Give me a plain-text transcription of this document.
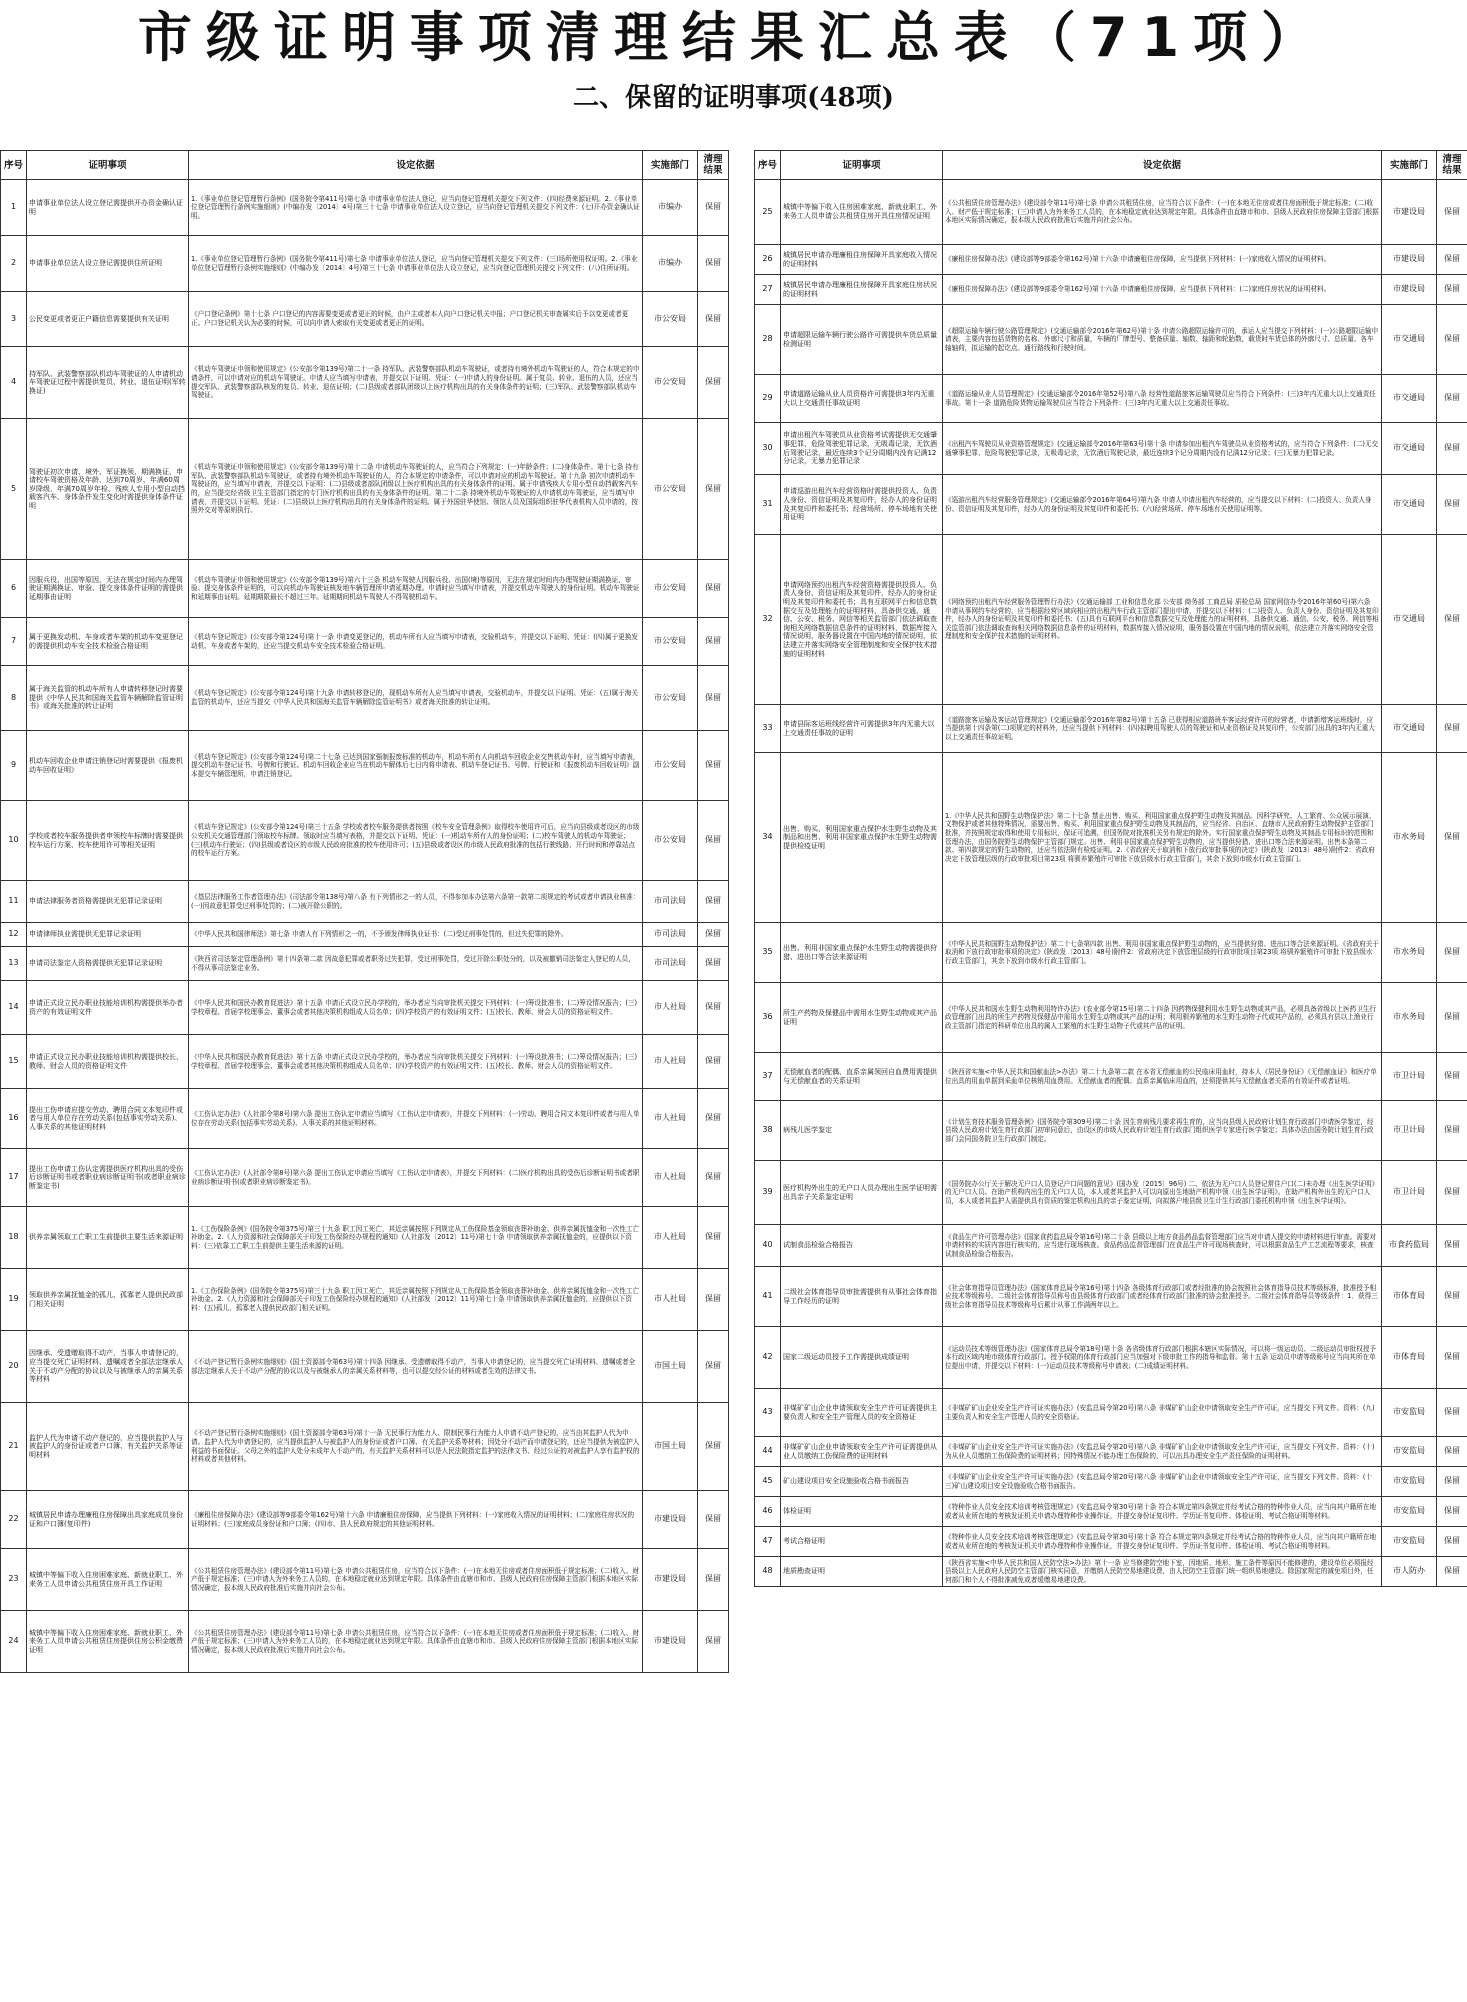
市级证明事项清理结果汇总表（71项）
二、保留的证明事项(48项)
序号	证明事项	设定依据	实施部门	清理结果
1	申请事业单位法人设立登记需提供开办资金确认证明	1.《事业单位登记管理暂行条例》(国务院令第411号)第七条 申请事业单位法人登记，应当向登记管理机关提交下列文件：(四)经费来源证明。2.《事业单位登记管理暂行条例实施细则》(中编办发〔2014〕4号)第三十七条 申请事业单位法人设立登记，应当向登记管理机关提交下列文件：(七)开办资金确认证明。	市编办	保留
2	申请事业单位法人设立登记需提供住所证明	1.《事业单位登记管理暂行条例》(国务院令第411号)第七条 申请事业单位法人登记，应当向登记管理机关提交下列文件：(三)场所使用权证明。2.《事业单位登记管理暂行条例实施细则》(中编办发〔2014〕4号)第三十七条 申请事业单位法人设立登记，应当向登记管理机关提交下列文件：(八)住所证明。	市编办	保留
3	公民变更或者更正户籍信息需要提供有关证明	《户口登记条例》第十七条 户口登记的内容需要变更或者更正的时候，由户主或者本人向户口登记机关申报；户口登记机关审查属实后予以变更或者更正。户口登记机关认为必要的时候，可以向申请人索取有关变更或者更正的证明。	市公安局	保留
4	持军队、武装警察部队机动车驾驶证的人申请机动车驾驶证过程中需提供复员、转业、退伍证明(军转换证)	《机动车驾驶证申领和使用规定》(公安部令第139号)第二十一条 持军队、武装警察部队机动车驾驶证，或者持有境外机动车驾驶证的人，符合本规定的申请条件，可以申请对应的机动车驾驶证。申请人应当填写申请表，并提交以下证明、凭证：(一)申请人的身份证明。属于复员、转业、退伍的人员，还应当提交军队、武装警察部队核发的复员、转业、退伍证明；(二)县级或者部队团级以上医疗机构出具的有关身体条件的证明；(三)军队、武装警察部队机动车驾驶证。	市公安局	保留
5	驾驶证初次申请、境外、军证换领、期满换证、申请校车驾驶资格及年龄、达到70周岁、年满60周岁降级、年满70周岁年检、残疾人专用小型自动挡载客汽车、身体条件发生变化时需提供身体条件证明	《机动车驾驶证申领和使用规定》(公安部令第139号)第十二条 申请机动车驾驶证的人，应当符合下列规定：(一)年龄条件；(二)身体条件。第十七条 持有军队、武装警察部队机动车驾驶证，或者持有境外机动车驾驶证的人，符合本规定的申请条件，可以申请对应的机动车驾驶证。第十九条 初次申请机动车驾驶证的，应当填写申请表，并提交以下证明：(二)县级或者部队团级以上医疗机构出具的有关身体条件的证明。属于申请残疾人专用小型自动挡载客汽车的，应当提交经省级卫生主管部门指定的专门医疗机构出具的有关身体条件的证明。第二十二条 持境外机动车驾驶证的人申请机动车驾驶证，应当填写申请表，并提交以下证明、凭证：(二)县级以上医疗机构出具的有关身体条件的证明。属于外国驻华使馆、领馆人员及国际组织驻华代表机构人员申请的，按照外交对等原则执行。	市公安局	保留
6	因服兵役、出国等原因，无法在规定时间内办理驾驶证期满换证、审验、提交身体条件证明的需提供延期事由证明	《机动车驾驶证申领和使用规定》(公安部令第139号)第六十三条 机动车驾驶人因服兵役、出国(境)等原因，无法在规定时间内办理驾驶证期满换证、审验、提交身体条件证明的，可以向机动车驾驶证核发地车辆管理所申请延期办理。申请时应当填写申请表，并提交机动车驾驶人的身份证明、机动车驾驶证和延期事由证明。延期期限最长不超过三年。延期期间机动车驾驶人不得驾驶机动车。	市公安局	保留
7	属于更换发动机、车身或者车架的机动车变更登记的需提供机动车安全技术检验合格证明	《机动车登记规定》(公安部令第124号)第十一条 申请变更登记的，机动车所有人应当填写申请表，交验机动车，并提交以下证明、凭证：(四)属于更换发动机、车身或者车架的，还应当提交机动车安全技术检验合格证明。	市公安局	保留
8	属于海关监管的机动车所有人申请转移登记时需要提供《中华人民共和国海关监管车辆解除监管证明书》或海关批准的转让证明	《机动车登记规定》(公安部令第124号)第十九条 申请转移登记的，现机动车所有人应当填写申请表，交验机动车，并提交以下证明、凭证：(五)属于海关监管的机动车，还应当提交《中华人民共和国海关监管车辆解除监管证明书》或者海关批准的转让证明。	市公安局	保留
9	机动车回收企业申请注销登记时需要提供《报废机动车回收证明》	《机动车登记规定》(公安部令第124号)第二十七条 已达到国家强制报废标准的机动车，机动车所有人向机动车回收企业交售机动车时，应当填写申请表，提交机动车登记证书、号牌和行驶证。机动车回收企业应当在机动车解体后七日内将申请表、机动车登记证书、号牌、行驶证和《报废机动车回收证明》副本提交车辆管理所，申请注销登记。	市公安局	保留
10	学校或者校车服务提供者申领校车标牌时需要提供校车运行方案、校车使用许可等相关证明	《机动车登记规定》(公安部令第124号)第三十五条 学校或者校车服务提供者按照《校车安全管理条例》取得校车使用许可后，应当向县级或者设区的市级公安机关交通管理部门领取校车标牌。领取时应当填写表格，并提交以下证明、凭证：(一)机动车所有人的身份证明；(二)校车驾驶人的机动车驾驶证；(三)机动车行驶证；(四)县级或者设区的市级人民政府批准的校车使用许可；(五)县级或者设区的市级人民政府批准的包括行驶线路、开行时间和停靠站点的校车运行方案。	市公安局	保留
11	申请法律服务者资格需提供无犯罪记录证明	《基层法律服务工作者管理办法》(司法部令第138号)第八条 有下列情形之一的人员，不得参加本办法第六条第一款第二项规定的考试或者申请执业核准：(一)因故意犯罪受过刑事处罚的；(二)被开除公职的。	市司法局	保留
12	申请律师执业需提供无犯罪记录证明	《中华人民共和国律师法》第七条 申请人有下列情形之一的，不予颁发律师执业证书：(二)受过刑事处罚的，但过失犯罪的除外。	市司法局	保留
13	申请司法鉴定人资格需提供无犯罪记录证明	《陕西省司法鉴定管理条例》第十四条第二款 因故意犯罪或者职务过失犯罪，受过刑事处罚，受过开除公职处分的，以及被撤销司法鉴定人登记的人员，不得从事司法鉴定业务。	市司法局	保留
14	申请正式设立民办职业技能培训机构需提供举办者资产的有效证明文件	《中华人民共和国民办教育促进法》第十五条 申请正式设立民办学校的，举办者应当向审批机关提交下列材料：(一)筹设批准书；(二)筹设情况报告；(三)学校章程、首届学校理事会、董事会或者其他决策机构组成人员名单；(四)学校资产的有效证明文件；(五)校长、教师、财会人员的资格证明文件。	市人社局	保留
15	申请正式设立民办职业技能培训机构需提供校长、教师、财会人员的资格证明文件	《中华人民共和国民办教育促进法》第十五条 申请正式设立民办学校的，举办者应当向审批机关提交下列材料：(一)筹设批准书；(二)筹设情况报告；(三)学校章程、首届学校理事会、董事会或者其他决策机构组成人员名单；(四)学校资产的有效证明文件；(五)校长、教师、财会人员的资格证明文件。	市人社局	保留
16	提出工伤申请应提交劳动、聘用合同文本复印件或者与用人单位存在劳动关系(包括事实劳动关系)、人事关系的其他证明材料	《工伤认定办法》(人社部令第8号)第六条 提出工伤认定申请应当填写《工伤认定申请表》，并提交下列材料：(一)劳动、聘用合同文本复印件或者与用人单位存在劳动关系(包括事实劳动关系)、人事关系的其他证明材料。	市人社局	保留
17	提出工伤申请工伤认定需提供医疗机构出具的受伤后诊断证明书或者职业病诊断证明书(或者职业病诊断鉴定书)	《工伤认定办法》(人社部令第8号)第六条 提出工伤认定申请应当填写《工伤认定申请表》，并提交下列材料：(二)医疗机构出具的受伤后诊断证明书或者职业病诊断证明书(或者职业病诊断鉴定书)。	市人社局	保留
18	供养亲属领取工亡职工生前提供主要生活来源证明	1.《工伤保险条例》(国务院令第375号)第三十九条 职工因工死亡，其近亲属按照下列规定从工伤保险基金领取丧葬补助金、供养亲属抚恤金和一次性工亡补助金。2.《人力资源和社会保障部关于印发工伤保险经办规程的通知》(人社部发〔2012〕11号)第七十条 申请领取供养亲属抚恤金的，应提供以下资料：(三)依靠工亡职工生前提供主要生活来源的证明。	市人社局	保留
19	领取供养亲属抚恤金的孤儿、孤寡老人提供民政部门相关证明	1.《工伤保险条例》(国务院令第375号)第三十九条 职工因工死亡，其近亲属按照下列规定从工伤保险基金领取丧葬补助金、供养亲属抚恤金和一次性工亡补助金。2.《人力资源和社会保障部关于印发工伤保险经办规程的通知》(人社部发〔2012〕11号)第七十条 申请领取供养亲属抚恤金的，应提供以下资料：(五)孤儿、孤寡老人提供民政部门相关证明。	市人社局	保留
20	因继承、受遗赠取得不动产，当事人申请登记的，应当提交死亡证明材料、遗嘱或者全部法定继承人关于不动产分配的协议以及与被继承人的亲属关系等材料	《不动产登记暂行条例实施细则》(国土资源部令第63号)第十四条 因继承、受遗赠取得不动产，当事人申请登记的，应当提交死亡证明材料、遗嘱或者全部法定继承人关于不动产分配的协议以及与被继承人的亲属关系材料等，也可以提交经公证的材料或者生效的法律文书。	市国土局	保留
21	监护人代为申请不动产登记的，应当提供监护人与被监护人的身份证或者户口簿、有关监护关系等证明材料	《不动产登记暂行条例实施细则》(国土资源部令第63号)第十一条 无民事行为能力人、限制民事行为能力人申请不动产登记的，应当由其监护人代为申请。监护人代为申请登记的，应当提供监护人与被监护人的身份证或者户口簿、有关监护关系等材料；因处分不动产而申请登记的，还应当提供为被监护人利益的书面保证。父母之外的监护人处分未成年人不动产的，有关监护关系材料可以是人民法院指定监护的法律文书、经过公证的对被监护人享有监护权的材料或者其他材料。	市国土局	保留
22	城镇居民申请办理廉租住房保障出具家庭成员身份证和户口簿(复印件)	《廉租住房保障办法》(建设部等9部委令第162号)第十六条 申请廉租住房保障，应当提供下列材料：(一)家庭收入情况的证明材料；(二)家庭住房状况的证明材料；(三)家庭成员身份证和户口簿；(四)市、县人民政府规定的其他证明材料。	市建设局	保留
23	城镇中等偏下收入住房困难家庭、新就业职工、外来务工人员申请公共租赁住房开具工作证明	《公共租赁住房管理办法》(建设部令第11号)第七条 申请公共租赁住房，应当符合以下条件：(一)在本地无住房或者住房面积低于规定标准；(二)收入、财产低于规定标准；(三)申请人为外来务工人员的，在本地稳定就业达到规定年限。具体条件由直辖市和市、县级人民政府住房保障主管部门根据本地区实际情况确定，报本级人民政府批准后实施并向社会公布。	市建设局	保留
24	城镇中等偏下收入住房困难家庭、新就业职工、外来务工人员申请公共租赁住房提供住房公积金缴费证明	《公共租赁住房管理办法》(建设部令第11号)第七条 申请公共租赁住房，应当符合以下条件：(一)在本地无住房或者住房面积低于规定标准；(二)收入、财产低于规定标准；(三)申请人为外来务工人员的，在本地稳定就业达到规定年限。具体条件由直辖市和市、县级人民政府住房保障主管部门根据本地区实际情况确定，报本级人民政府批准后实施并向社会公布。	市建设局	保留
序号	证明事项	设定依据	实施部门	清理结果
25	城镇中等偏下收入住房困难家庭、新就业职工、外来务工人员申请公共租赁住房开具住房情况证明	《公共租赁住房管理办法》(建设部令第11号)第七条 申请公共租赁住房，应当符合以下条件：(一)在本地无住房或者住房面积低于规定标准；(二)收入、财产低于规定标准；(三)申请人为外来务工人员的，在本地稳定就业达到规定年限。具体条件由直辖市和市、县级人民政府住房保障主管部门根据本地区实际情况确定，报本级人民政府批准后实施并向社会公布。	市建设局	保留
26	城镇居民申请办理廉租住房保障开具家庭收入情况的证明材料	《廉租住房保障办法》(建设部等9部委令第162号)第十六条 申请廉租住房保障，应当提供下列材料：(一)家庭收入情况的证明材料。	市建设局	保留
27	城镇居民申请办理廉租住房保障开具家庭住房状况的证明材料	《廉租住房保障办法》(建设部等9部委令第162号)第十六条 申请廉租住房保障，应当提供下列材料：(二)家庭住房状况的证明材料。	市建设局	保留
28	申请超限运输车辆行驶公路许可需提供车货总质量检测证明	《超限运输车辆行驶公路管理规定》(交通运输部令2016年第62号)第十条 申请公路超限运输许可的，承运人应当提交下列材料：(一)公路超限运输申请表，主要内容包括货物的名称、外廓尺寸和质量，车辆的厂牌型号、整备质量、轴数、轴距和轮胎数，载货时车货总体的外廓尺寸、总质量、各车轴轴荷，拟运输的起讫点、通行路线和行驶时间。	市交通局	保留
29	申请道路运输从业人员资格许可需提供3年内无重大以上交通责任事故证明	《道路运输从业人员管理规定》(交通运输部令2016年第52号)第八条 经营性道路旅客运输驾驶员应当符合下列条件：(三)3年内无重大以上交通责任事故。第十一条 道路危险货物运输驾驶员应当符合下列条件：(三)3年内无重大以上交通责任事故。	市交通局	保留
30	申请出租汽车驾驶员从业资格考试需提供无交通肇事犯罪、危险驾驶犯罪记录，无吸毒记录，无饮酒后驾驶记录，最近连续3个记分周期内没有记满12分记录，无暴力犯罪记录	《出租汽车驾驶员从业资格管理规定》(交通运输部令2016年第63号)第十条 申请参加出租汽车驾驶员从业资格考试的，应当符合下列条件：(二)无交通肇事犯罪、危险驾驶犯罪记录，无吸毒记录，无饮酒后驾驶记录，最近连续3个记分周期内没有记满12分记录；(三)无暴力犯罪记录。	市交通局	保留
31	申请巡游出租汽车经营资格时需提供投资人、负责人身份、资信证明及其复印件，经办人的身份证明及其复印件和委托书；经营场所、停车场地有关使用证明	《巡游出租汽车经营服务管理规定》(交通运输部令2016年第64号)第九条 申请人申请出租汽车经营的，应当提交以下材料：(二)投资人、负责人身份、资信证明及其复印件，经办人的身份证明及其复印件和委托书；(六)经营场所、停车场地有关使用证明等。	市交通局	保留
32	申请网络预约出租汽车经营资格需提供投资人、负责人身份、资信证明及其复印件，经办人的身份证明及其复印件和委托书；具有互联网平台和信息数据交互及处理能力的证明材料，具备供交通、通信、公安、税务、网信等相关监管部门依法调取查询相关网络数据信息条件的证明材料，数据库接入情况说明，服务器设置在中国内地的情况说明，依法建立并落实网络安全管理制度和安全保护技术措施的证明材料	《网络预约出租汽车经营服务管理暂行办法》(交通运输部 工业和信息化部 公安部 商务部 工商总局 质检总局 国家网信办令2016年第60号)第六条 申请从事网约车经营的，应当根据经营区域向相应的出租汽车行政主管部门提出申请，并提交以下材料：(二)投资人、负责人身份、资信证明及其复印件，经办人的身份证明及其复印件和委托书；(五)具有互联网平台和信息数据交互及处理能力的证明材料，具备供交通、通信、公安、税务、网信等相关监管部门依法调取查询相关网络数据信息条件的证明材料，数据库接入情况说明，服务器设置在中国内地的情况说明，依法建立并落实网络安全管理制度和安全保护技术措施的证明材料。	市交通局	保留
33	申请县际客运班线经营许可需提供3年内无重大以上交通责任事故的证明	《道路旅客运输及客运站管理规定》(交通运输部令2016年第82号)第十五条 已获得相应道路班车客运经营许可的经营者，申请新增客运班线时，应当提供第十四条第(二)项规定的材料外，还应当提供下列材料：(四)拟聘用驾驶人员的驾驶证和从业资格证及其复印件，公安部门出具的3年内无重大以上交通责任事故证明。	市交通局	保留
34	出售、购买、利用国家重点保护水生野生动物及其制品和出售、利用非国家重点保护水生野生动物需提供检疫证明	1.《中华人民共和国野生动物保护法》第二十七条 禁止出售、购买、利用国家重点保护野生动物及其制品。因科学研究、人工繁育、公众展示展演、文物保护或者其他特殊情况，需要出售、购买、利用国家重点保护野生动物及其制品的，应当经省、自治区、直辖市人民政府野生动物保护主管部门批准，并按照规定取得和使用专用标识，保证可追溯，但国务院对批准机关另有规定的除外。实行国家重点保护野生动物及其制品专用标识的范围和管理办法，由国务院野生动物保护主管部门规定。出售、利用非国家重点保护野生动物的，应当提供狩猎、进出口等合法来源证明。出售本条第二款、第四款规定的野生动物的，还应当依法附有检疫证明。2.《省政府关于取消和下放行政审批事项的决定》(陕政发〔2013〕48号)附件2：省政府决定下放管理层级的行政审批项目第23项 将驯养繁殖许可审批下放县级水行政主管部门，其余下放到市级水行政主管部门。	市水务局	保留
35	出售、利用非国家重点保护水生野生动物需提供狩猎、进出口等合法来源证明	《中华人民共和国野生动物保护法》第二十七条第四款 出售、利用非国家重点保护野生动物的，应当提供狩猎、进出口等合法来源证明。《省政府关于取消和下放行政审批事项的决定》(陕政发〔2013〕48号)附件2：省政府决定下放管理层级的行政审批项目第23项 将驯养繁殖许可审批下放县级水行政主管部门，其余下放到市级水行政主管部门。	市水务局	保留
36	所生产药物及保健品中需用水生野生动物或其产品证明	《中华人民共和国水生野生动物利用特许办法》(农业部令第15号)第二十四条 因药物保健利用水生野生动物或其产品，必须具备省级以上医药卫生行政管理部门出具的所生产药物及保健品中需用水生野生动物或其产品的证明；利用驯养繁殖的水生野生动物子代或其产品的，必须具有县以上渔业行政主管部门指定的科研单位出具的属人工繁殖的水生野生动物子代或其产品的证明。	市水务局	保留
37	无偿献血者的配偶、直系亲属领回自血费用需提供与无偿献血者的关系证明	《陕西省实施<中华人民共和国献血法>办法》第二十九条第二款 在本省无偿献血的公民临床用血时，持本人《居民身份证》《无偿献血证》和医疗单位出具的用血单据到采血单位核销用血费用。无偿献血者的配偶、直系亲属临床用血的，还须提供其与无偿献血者关系的有效证件或者证明。	市卫计局	保留
38	病残儿医学鉴定	《计划生育技术服务管理条例》(国务院令第309号)第二十条 因生育病残儿要求再生育的，应当向县级人民政府计划生育行政部门申请医学鉴定，经县级人民政府计划生育行政部门初审同意后，由设区的市级人民政府计划生育行政部门组织医学专家进行医学鉴定；具体办法由国务院计划生育行政部门会同国务院卫生行政部门制定。	市卫计局	保留
39	医疗机构外出生的无户口人员办理出生医学证明需出具亲子关系鉴定证明	《国务院办公厅关于解决无户口人员登记户口问题的意见》(国办发〔2015〕96号) 二、依法为无户口人员登记常住户口(二)未办理《出生医学证明》的无户口人员。在助产机构内出生的无户口人员，本人或者其监护人可以向原出生地助产机构申领《出生医学证明》。在助产机构外出生的无户口人员，本人或者其监护人需提供具有资质的鉴定机构出具的亲子鉴定证明，向拟落户地县级卫生计生行政部门委托机构申领《出生医学证明》。	市卫计局	保留
40	试制食品检验合格报告	《食品生产许可管理办法》(国家食药监总局令第16号)第二十条 县级以上地方食品药品监督管理部门应当对申请人提交的申请材料进行审查。需要对申请材料的实质内容进行核实的，应当进行现场核查。食品药品监督管理部门在食品生产许可现场核查时，可以根据食品生产工艺流程等要求，核查试制食品检验合格报告。	市食药监局	保留
41	二级社会体育指导员审批需提供有从事社会体育指导工作经历的证明	《社会体育指导员管理办法》(国家体育总局令第16号)第十四条 各级体育行政部门或者经批准的协会按照社会体育指导员技术等级标准，批准授予相应技术等级称号。二级社会体育指导员称号由县级体育行政部门或者经体育行政部门批准的协会批准授予。二级社会体育指导员等级条件：1．获得三级社会体育指导员技术等级称号后累计从事工作满两年以上。	市体育局	保留
42	国家二级运动员授予工作需提供成绩证明	《运动员技术等级管理办法》(国家体育总局令第18号)第十条 各省级体育行政部门根据本辖区实际情况，可以将一级运动员、二级运动员审批权授予本行政区域内地市级体育行政部门。授予权限的体育行政部门应当加强对下级审批工作的指导和监督。第十五条 运动员申请等级称号应当向其所在单位提出申请，并提交以下材料：(一)运动员技术等级称号申请表；(二)成绩证明材料。	市体育局	保留
43	非煤矿矿山企业申请领取安全生产许可证需提供主要负责人和安全生产管理人员的安全资格证	《非煤矿矿山企业安全生产许可证实施办法》(安监总局令第20号)第八条 非煤矿矿山企业申请领取安全生产许可证，应当提交下列文件、资料：(九)主要负责人和安全生产管理人员的安全资格证。	市安监局	保留
44	非煤矿矿山企业申请领取安全生产许可证需提供从业人员缴纳工伤保险费的证明材料	《非煤矿矿山企业安全生产许可证实施办法》(安监总局令第20号)第八条 非煤矿矿山企业申请领取安全生产许可证，应当提交下列文件、资料：(十)为从业人员缴纳工伤保险费的证明材料；因特殊情况不能办理工伤保险的，可以出具办理安全生产责任保险的证明材料。	市安监局	保留
45	矿山建设项目安全设施验收合格书面报告	《非煤矿矿山企业安全生产许可证实施办法》(安监总局令第20号)第八条 非煤矿矿山企业申请领取安全生产许可证，应当提交下列文件、资料：(十三)矿山建设项目安全设施验收合格书面报告。	市安监局	保留
46	体检证明	《特种作业人员安全技术培训考核管理规定》(安监总局令第30号)第十条 符合本规定第四条规定并经考试合格的特种作业人员，应当向其户籍所在地或者从业所在地的考核发证机关申请办理特种作业操作证，并提交身份证复印件、学历证书复印件、体检证明、考试合格证明等材料。	市安监局	保留
47	考试合格证明	《特种作业人员安全技术培训考核管理规定》(安监总局令第30号)第十条 符合本规定第四条规定并经考试合格的特种作业人员，应当向其户籍所在地或者从业所在地的考核发证机关申请办理特种作业操作证，并提交身份证复印件、学历证书复印件、体检证明、考试合格证明等材料。	市安监局	保留
48	地质勘查证明	《陕西省实施<中华人民共和国人民防空法>办法》第十一条 应当修建防空地下室，因地质、地形、施工条件等原因不能修建的，建设单位必须报经县级以上人民政府人民防空主管部门核实同意，并缴纳人民防空易地建设费，由人民防空主管部门统一组织易地建设。除国家规定的减免项目外，任何部门和个人不得批准减免或者缓缴易地建设费。	市人防办	保留
